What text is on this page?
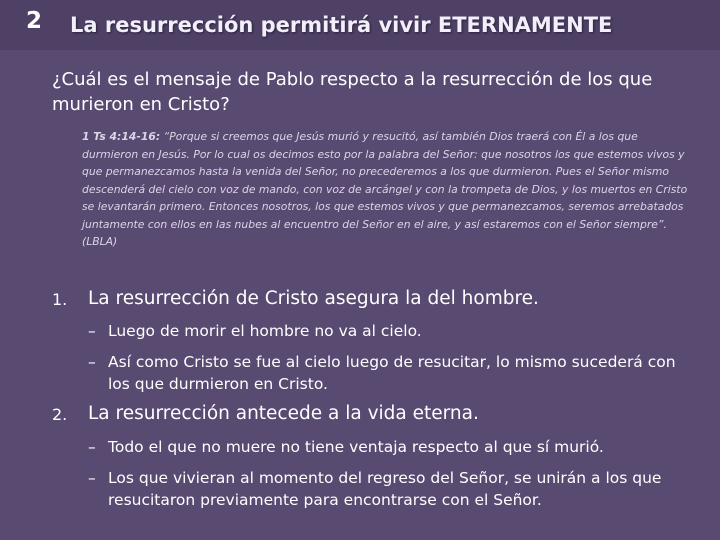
2 La resurrección permitirá vivir ETERNAMENTE
¿Cuál es el mensaje de Pablo respecto a la resurrección de los que murieron en Cristo?
1 Ts 4:14-16: “Porque si creemos que Jesús murió y resucitó, así también Dios traerá con Él a los que durmieron en Jesús. Por lo cual os decimos esto por la palabra del Señor: que nosotros los que estemos vivos y que permanezcamos hasta la venida del Señor, no precederemos a los que durmieron. Pues el Señor mismo descenderá del cielo con voz de mando, con voz de arcángel y con la trompeta de Dios, y los muertos en Cristo se levantarán primero. Entonces nosotros, los que estemos vivos y que permanezcamos, seremos arrebatados juntamente con ellos en las nubes al encuentro del Señor en el aire, y así estaremos con el Señor siempre”. (LBLA)
1. La resurrección de Cristo asegura la del hombre.
– Luego de morir el hombre no va al cielo.
– Así como Cristo se fue al cielo luego de resucitar, lo mismo sucederá con los que durmieron en Cristo.
2. La resurrección antecede a la vida eterna.
– Todo el que no muere no tiene ventaja respecto al que sí murió.
– Los que vivieran al momento del regreso del Señor, se unirán a los que resucitaron previamente para encontrarse con el Señor.
